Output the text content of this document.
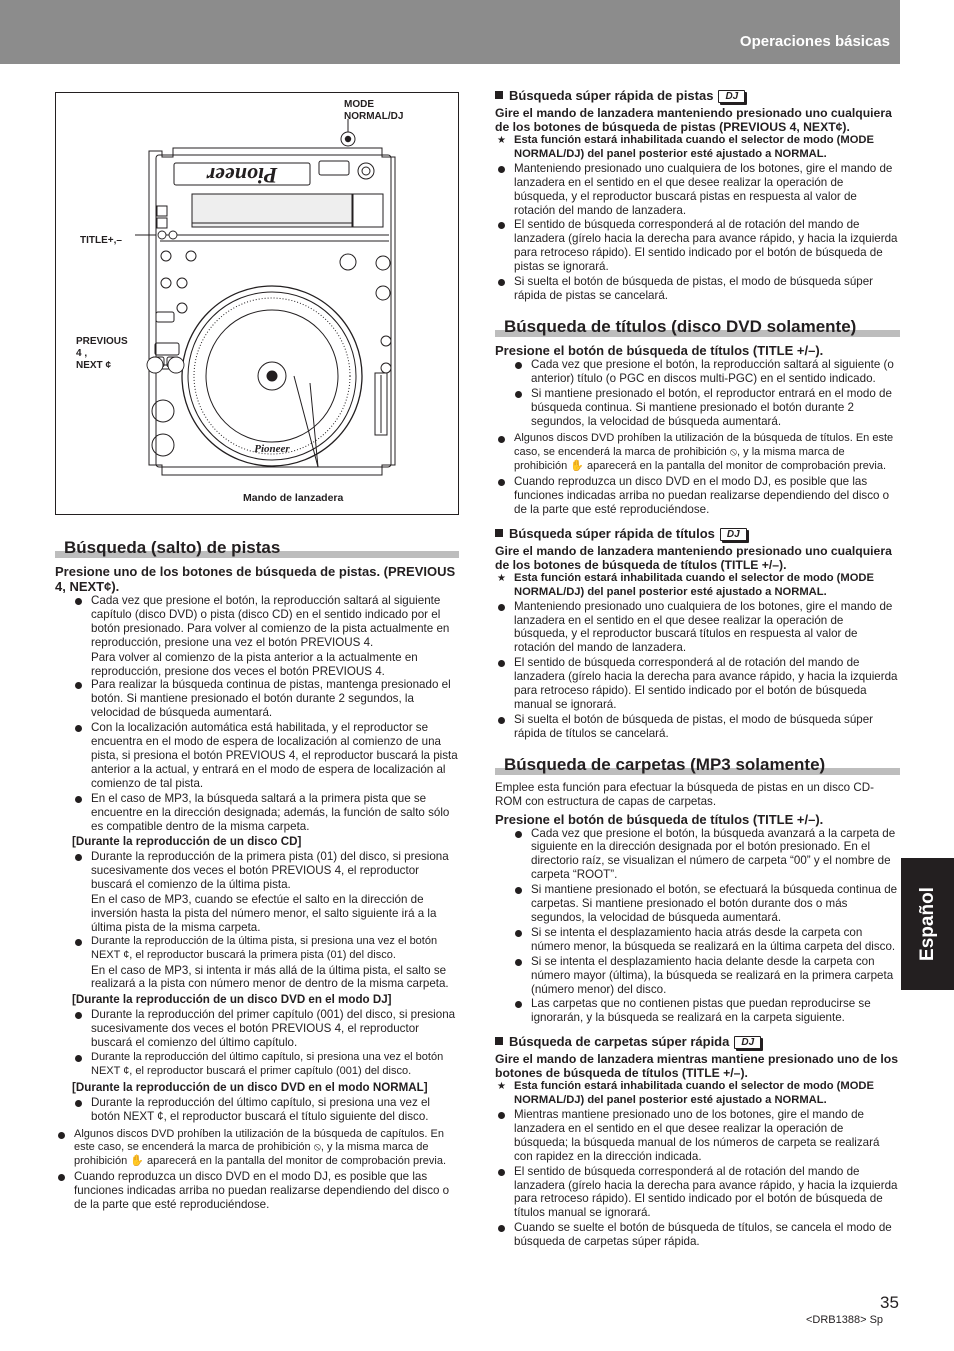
Operaciones básicas
Español
Pioneer
Pioneer
MODE
NORMAL/DJ
TITLE+,–
PREVIOUS
4 ,
NEXT ¢
Mando de lanzadera
Búsqueda (salto) de pistas
Presione uno de los botones de búsqueda de pistas. (PREVIOUS 4, NEXT¢).
Cada vez que presione el botón, la reproducción saltará al siguiente capítulo (disco DVD) o pista (disco CD) en el sentido indicado por el botón presionado. Para volver al comienzo de la pista actualmente en reproducción, presione una vez el botón PREVIOUS 4.
Para volver al comienzo de la pista anterior a la actualmente en reproducción, presione dos veces el botón PREVIOUS 4.
Para realizar la búsqueda continua de pistas, mantenga presionado el botón. Si mantiene presionado el botón durante 2 segundos, la velocidad de búsqueda aumentará.
Con la localización automática está habilitada, y el reproductor se encuentra en el modo de espera de localización al comienzo de una pista, si presiona el botón PREVIOUS 4, el reproductor buscará la pista anterior a la actual, y entrará en el modo de espera de localización al comienzo de tal pista.
En el caso de MP3, la búsqueda saltará a la primera pista que se encuentre en la dirección designada; además, la función de salto sólo es compatible dentro de la misma carpeta.
[Durante la reproducción de un disco CD]
Durante la reproducción de la primera pista (01) del disco, si presiona sucesivamente dos veces el botón PREVIOUS 4, el reproductor buscará el comienzo de la última pista.
En el caso de MP3, cuando se efectúe el salto en la dirección de inversión hasta la pista del número menor, el salto siguiente irá a la última pista de la misma carpeta.
Durante la reproducción de la última pista, si presiona una vez el botón NEXT ¢, el reproductor buscará la primera pista (01) del disco.
En el caso de MP3, si intenta ir más allá de la última pista, el salto se realizará a la pista con número menor de dentro de la misma carpeta.
[Durante la reproducción de un disco DVD en el modo DJ]
Durante la reproducción del primer capítulo (001) del disco, si presiona sucesivamente dos veces el botón PREVIOUS 4, el reproductor buscará el comienzo del último capítulo.
Durante la reproducción del último capítulo, si presiona una vez el botón NEXT ¢, el reproductor buscará el primer capítulo (001) del disco.
[Durante la reproducción de un disco DVD en el modo NORMAL]
Durante la reproducción del último capítulo, si presiona una vez el botón NEXT ¢, el reproductor buscará el título siguiente del disco.
Algunos discos DVD prohíben la utilización de la búsqueda de capítulos. En este caso, se encenderá la marca de prohibición ⦸, y la misma marca de prohibición ✋ aparecerá en la pantalla del monitor de comprobación previa.
Cuando reproduzca un disco DVD en el modo DJ, es posible que las funciones indicadas arriba no puedan realizarse dependiendo del disco o de la parte que esté reproduciéndose.
Búsqueda súper rápida de pistas DJ
Gire el mando de lanzadera manteniendo presionado uno cualquiera de los botones de búsqueda de pistas (PREVIOUS 4, NEXT¢).
★ Esta función estará inhabilitada cuando el selector de modo (MODE NORMAL/DJ) del panel posterior esté ajustado a NORMAL.
Manteniendo presionado uno cualquiera de los botones, gire el mando de lanzadera en el sentido en el que desee realizar la operación de búsqueda, y el reproductor buscará pistas en respuesta al valor de rotación del mando de lanzadera.
El sentido de búsqueda corresponderá al de rotación del mando de lanzadera (gírelo hacia la derecha para avance rápido, y hacia la izquierda para retroceso rápido). El sentido indicado por el botón de búsqueda de pistas se ignorará.
Si suelta el botón de búsqueda de pistas, el modo de búsqueda súper rápida de pistas se cancelará.
Búsqueda de títulos (disco DVD solamente)
Presione el botón de búsqueda de títulos (TITLE +/–).
Cada vez que presione el botón, la reproducción saltará al siguiente (o anterior) título (o PGC en discos multi-PGC) en el sentido indicado.
Si mantiene presionado el botón, el reproductor entrará en el modo de búsqueda continua. Si mantiene presionado el botón durante 2 segundos, la velocidad de búsqueda aumentará.
Algunos discos DVD prohíben la utilización de la búsqueda de títulos. En este caso, se encenderá la marca de prohibición ⦸, y la misma marca de prohibición ✋ aparecerá en la pantalla del monitor de comprobación previa.
Cuando reproduzca un disco DVD en el modo DJ, es posible que las funciones indicadas arriba no puedan realizarse dependiendo del disco o de la parte que esté reproduciéndose.
Búsqueda súper rápida de títulos DJ
Gire el mando de lanzadera manteniendo presionado uno cualquiera de los botones de búsqueda de títulos (TITLE +/–).
★ Esta función estará inhabilitada cuando el selector de modo (MODE NORMAL/DJ) del panel posterior esté ajustado a NORMAL.
Manteniendo presionado uno cualquiera de los botones, gire el mando de lanzadera en el sentido en el que desee realizar la operación de búsqueda, y el reproductor buscará títulos en respuesta al valor de rotación del mando de lanzadera.
El sentido de búsqueda corresponderá al de rotación del mando de lanzadera (gírelo hacia la derecha para avance rápido, y hacia la izquierda para retroceso rápido). El sentido indicado por el botón de búsqueda manual se ignorará.
Si suelta el botón de búsqueda de pistas, el modo de búsqueda súper rápida de títulos se cancelará.
Búsqueda de carpetas (MP3 solamente)

Emplee esta función para efectuar la búsqueda de pistas en un disco CD-ROM con estructura de capas de carpetas.

Presione el botón de búsqueda de títulos (TITLE +/–).
Cada vez que presione el botón, la búsqueda avanzará a la carpeta de siguiente en la dirección designada por el botón presionado. En el directorio raíz, se visualizan el número de carpeta “00” y el nombre de carpeta “ROOT”.
Si mantiene presionado el botón, se efectuará la búsqueda continua de carpetas. Si mantiene presionado el botón durante dos o más segundos, la velocidad de búsqueda aumentará.
Si se intenta el desplazamiento hacia atrás desde la carpeta con número menor, la búsqueda se realizará en la última carpeta del disco.
Si se intenta el desplazamiento hacia delante desde la carpeta con número mayor (última), la búsqueda se realizará en la primera carpeta (número menor) del disco.
Las carpetas que no contienen pistas que puedan reproducirse se ignorarán, y la búsqueda se realizará en la carpeta siguiente.
Búsqueda de carpetas súper rápida DJ
Gire el mando de lanzadera mientras mantiene presionado uno de los botones de búsqueda de títulos (TITLE +/–).
★ Esta función estará inhabilitada cuando el selector de modo (MODE NORMAL/DJ) del panel posterior esté ajustado a NORMAL.
Mientras mantiene presionado uno de los botones, gire el mando de lanzadera en el sentido en el que desee realizar la operación de búsqueda; la búsqueda manual de los números de carpeta se realizará con rapidez en la dirección indicada.
El sentido de búsqueda corresponderá al de rotación del mando de lanzadera (gírelo hacia la derecha para avance rápido, y hacia la izquierda para retroceso rápido). El sentido indicado por el botón de búsqueda de títulos manual se ignorará.
Cuando se suelte el botón de búsqueda de títulos, se cancela el modo de búsqueda de carpetas súper rápida.
35
<DRB1388> Sp
